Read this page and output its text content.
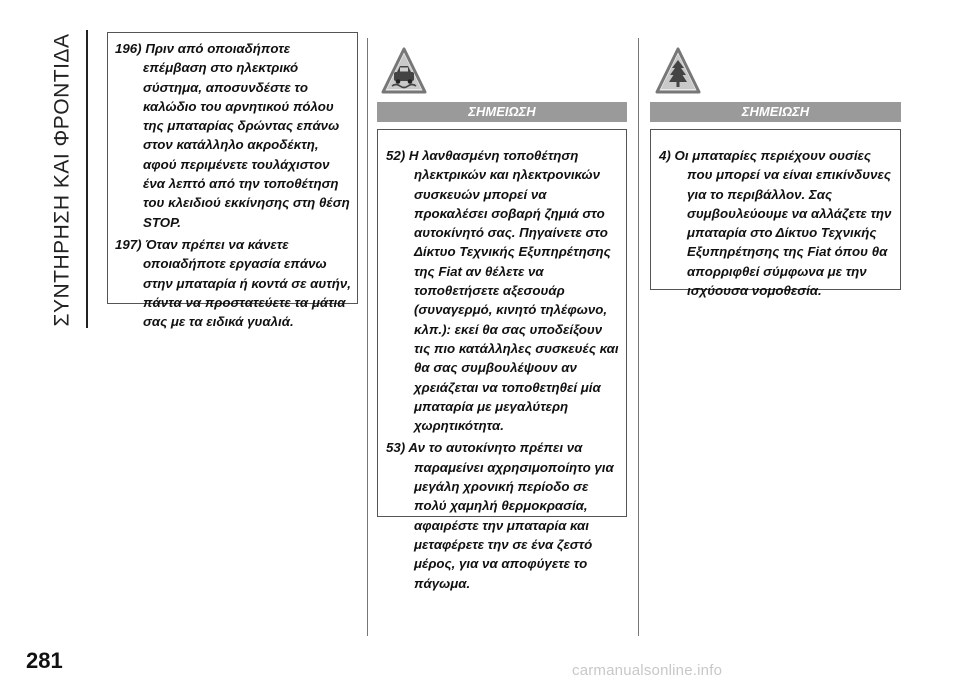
ΣΥΝΤΗΡΗΣΗ ΚΑΙ ΦΡΟΝΤΙΔΑ	196) Πριν από οποιαδήποτε επέμβαση στο ηλεκτρικό σύστημα, αποσυνδέστε το καλώδιο του αρνητικού πόλου της μπαταρίας δρώντας επάνω στον κατάλληλο ακροδέκτη, αφού περιμένετε τουλάχιστον ένα λεπτό από την τοποθέτηση του κλειδιού εκκίνησης στη θέση STOP.
197) Όταν πρέπει να κάνετε οποιαδήποτε εργασία επάνω στην μπαταρία ή κοντά σε αυτήν, πάντα να προστατεύετε τα μάτια σας με τα ειδικά γυαλιά.
ΣΗΜΕΙΩΣΗ
52) Η λανθασμένη τοποθέτηση ηλεκτρικών και ηλεκτρονικών συσκευών μπορεί να προκαλέσει σοβαρή ζημιά στο αυτοκίνητό σας. Πηγαίνετε στο Δίκτυο Τεχνικής Εξυπηρέτησης της Fiat αν θέλετε να τοποθετήσετε αξεσουάρ (συναγερμό, κινητό τηλέφωνο, κλπ.): εκεί θα σας υποδείξουν τις πιο κατάλληλες συσκευές και θα σας συμβουλέψουν αν χρειάζεται να τοποθετηθεί μία μπαταρία με μεγαλύτερη χωρητικότητα.
53) Αν το αυτοκίνητο πρέπει να παραμείνει αχρησιμοποίητο για μεγάλη χρονική περίοδο σε πολύ χαμηλή θερμοκρασία, αφαιρέστε την μπαταρία και μεταφέρετε την σε ένα ζεστό μέρος, για να αποφύγετε το πάγωμα.
ΣΗΜΕΙΩΣΗ
4) Οι μπαταρίες περιέχουν ουσίες που μπορεί να είναι επικίνδυνες για το περιβάλλον. Σας συμβουλεύουμε να αλλάζετε την μπαταρία στο Δίκτυο Τεχνικής Εξυπηρέτησης της Fiat όπου θα απορριφθεί σύμφωνα με την ισχύουσα νομοθεσία.
281	carmanualsonline.info
